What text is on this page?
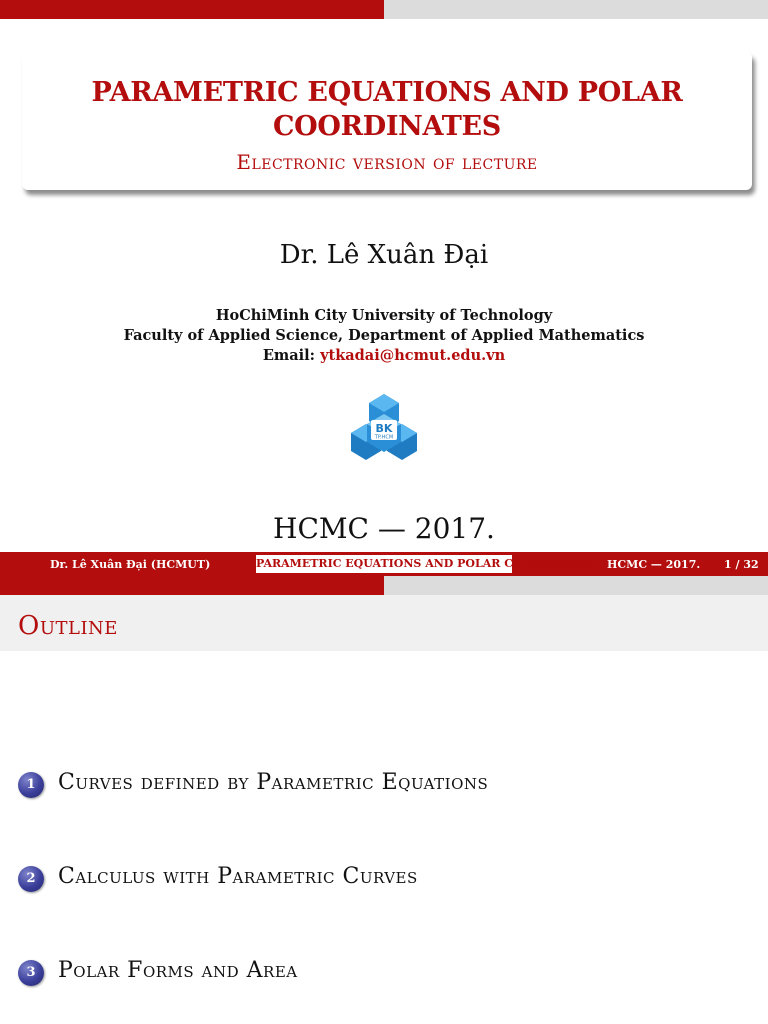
PARAMETRIC EQUATIONS AND POLAR COORDINATES
Electronic version of lecture
Dr. Lê Xuân Đại
HoChiMinh City University of Technology
Faculty of Applied Science, Department of Applied Mathematics
Email: ytkadai@hcmut.edu.vn
BK
TP.HCM
HCMC — 2017.
Dr. Lê Xuân Đại (HCMUT)	PARAMETRIC EQUATIONS AND POLAR COORDINATES HCMC — 2017. 1 / 32
Outline
1	Curves defined by Parametric Equations
2	Calculus with Parametric Curves
3	Polar Forms and Area
